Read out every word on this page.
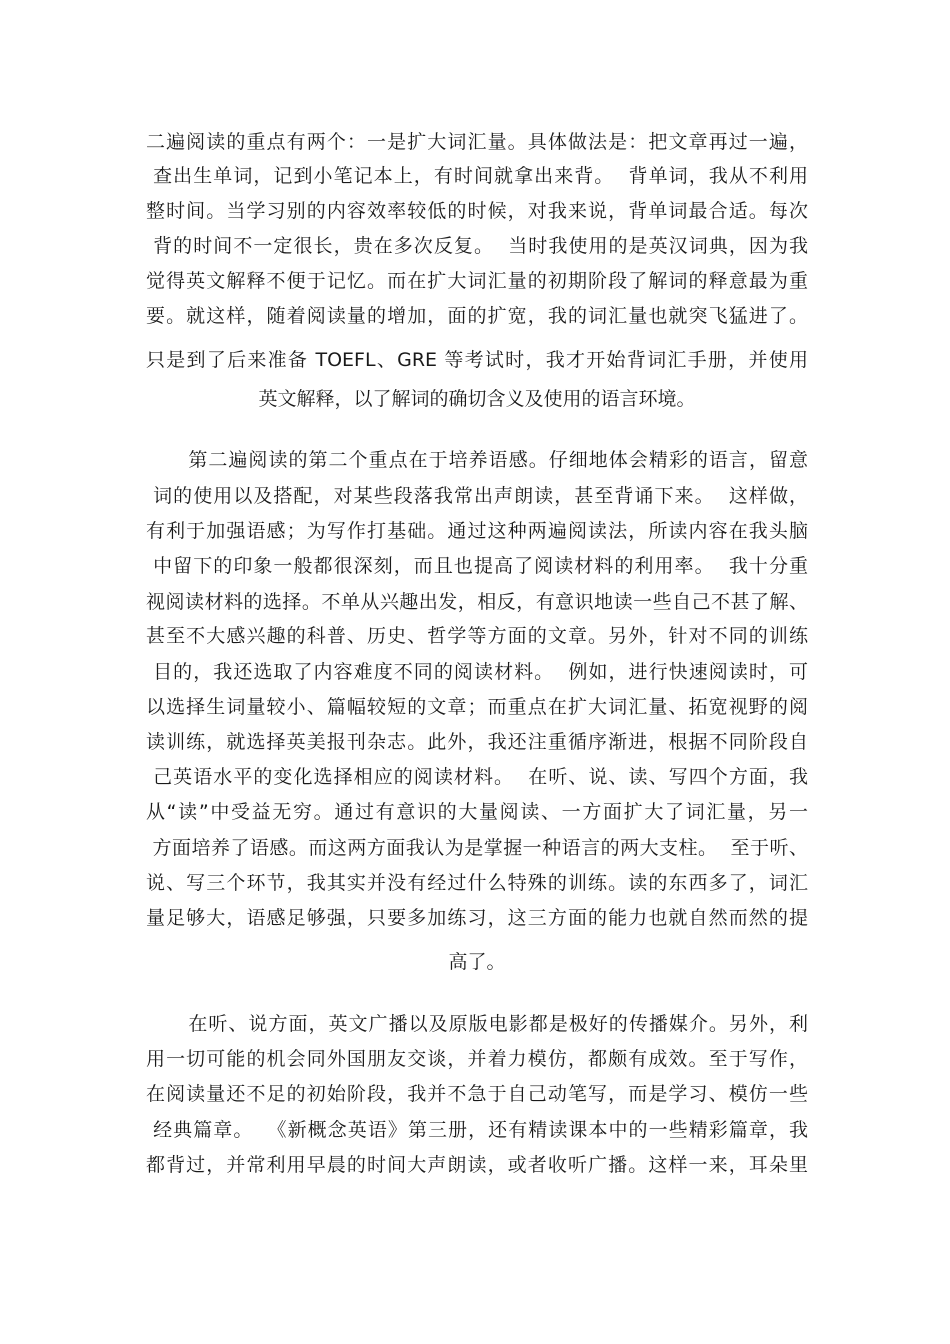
二遍阅读的重点有两个：一是扩大词汇量。具体做法是：把文章再过一遍，
查出生单词，记到小笔记本上，有时间就拿出来背。  背单词，我从不利用
整时间。当学习别的内容效率较低的时候，对我来说，背单词最合适。每次
背的时间不一定很长，贵在多次反复。  当时我使用的是英汉词典，因为我
觉得英文解释不便于记忆。而在扩大词汇量的初期阶段了解词的释意最为重
要。就这样，随着阅读量的增加，面的扩宽，我的词汇量也就突飞猛进了。
只是到了后来准备 TOEFL、GRE 等考试时，我才开始背词汇手册，并使用
英文解释，以了解词的确切含义及使用的语言环境。
第二遍阅读的第二个重点在于培养语感。仔细地体会精彩的语言，留意
词的使用以及搭配，对某些段落我常出声朗读，甚至背诵下来。  这样做，
有利于加强语感；为写作打基础。通过这种两遍阅读法，所读内容在我头脑
中留下的印象一般都很深刻，而且也提高了阅读材料的利用率。  我十分重
视阅读材料的选择。不单从兴趣出发，相反，有意识地读一些自己不甚了解、
甚至不大感兴趣的科普、历史、哲学等方面的文章。另外，针对不同的训练
目的，我还选取了内容难度不同的阅读材料。  例如，进行快速阅读时，可
以选择生词量较小、篇幅较短的文章；而重点在扩大词汇量、拓宽视野的阅
读训练，就选择英美报刊杂志。此外，我还注重循序渐进，根据不同阶段自
己英语水平的变化选择相应的阅读材料。  在听、说、读、写四个方面，我
从“读”中受益无穷。通过有意识的大量阅读、一方面扩大了词汇量，另一
方面培养了语感。而这两方面我认为是掌握一种语言的两大支柱。  至于听、
说、写三个环节，我其实并没有经过什么特殊的训练。读的东西多了，词汇
量足够大，语感足够强，只要多加练习，这三方面的能力也就自然而然的提
高了。
在听、说方面，英文广播以及原版电影都是极好的传播媒介。另外，利
用一切可能的机会同外国朋友交谈，并着力模仿，都颇有成效。至于写作，
在阅读量还不足的初始阶段，我并不急于自己动笔写，而是学习、模仿一些
经典篇章。  《新概念英语》第三册，还有精读课本中的一些精彩篇章，我
都背过，并常利用早晨的时间大声朗读，或者收听广播。这样一来，耳朵里
